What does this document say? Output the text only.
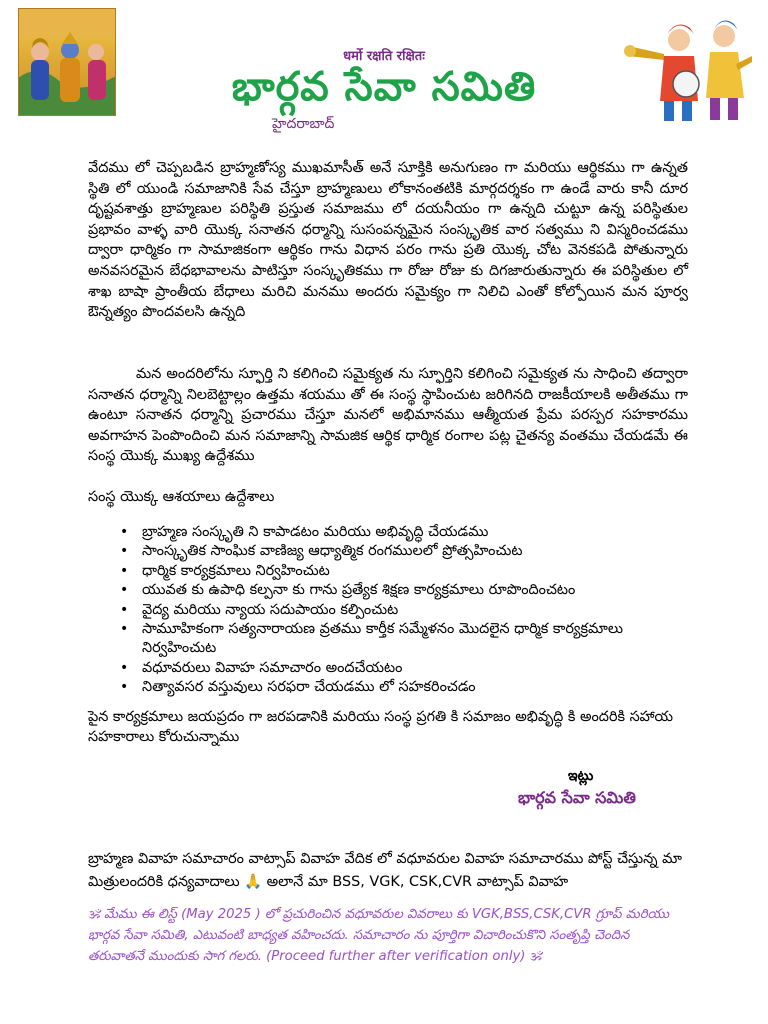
धर्मो रक्षति रक्षितः
భార్గవ సేవా సమితి
హైదరాబాద్

వేదము లో చెప్పబడిన బ్రాహ్మణోస్య ముఖమాసీత్ అనే సూక్తికి అనుగుణం గా మరియు ఆర్థికము గా ఉన్నత స్థితి లో యుండి సమాజానికి సేవ చేస్తూ బ్రాహ్మణులు లోకానంతటికి మార్గదర్శకం గా ఉండే వారు కానీ దూర దృష్టవశాత్తు బ్రాహ్మణుల పరిస్థితి ప్రస్తుత సమాజము లో దయనీయం గా ఉన్నది చుట్టూ ఉన్న పరిస్థితుల ప్రభావం వాళ్ళ వారి యొక్క సనాతన ధర్మాన్ని సుసంపన్నమైన సంస్కృతిక వార సత్వము ని విస్మరించడము ద్వారా ధార్మికం గా సామాజికంగా ఆర్థికం గాను విధాన పరం గాను ప్రతి యొక్క చోట వెనకపడి పోతున్నారు అనవసరమైన బేధభావాలను పాటిస్తూ సంస్కృతికము గా రోజు రోజు కు దిగజారుతున్నారు ఈ పరిస్థితుల లో శాఖ బాషా ప్రాంతీయ బేధాలు మరిచి మనము అందరు సమైక్యం గా నిలిచి ఎంతో కోల్పోయిన మన పూర్వ ఔన్నత్యం పొందవలసి ఉన్నది

మన అందరిలోను స్ఫూర్తి ని కలిగించి సమైక్యత ను స్ఫూర్తిని కలిగించి సమైక్యత ను సాధించి తద్వారా సనాతన ధర్మాన్ని నిలబెట్టాల్లం ఉత్తమ శయము తో ఈ సంస్థ స్థాపించుట జరిగినది రాజకీయాలకి అతీతము గా ఉంటూ సనాతన ధర్మాన్ని ప్రచారము చేస్తూ మనలో అభిమానము ఆత్మీయత ప్రేమ పరస్పర సహకారము అవగాహన పెంపొందించి మన సమాజాన్ని సామజిక ఆర్థిక ధార్మిక రంగాల పట్ల చైతన్య వంతము చేయడమే ఈ సంస్థ యొక్క ముఖ్య ఉద్దేశము

సంస్థ యొక్క ఆశయాలు ఉద్దేశాలు
• బ్రాహ్మణ సంస్కృతి ని కాపాడటం మరియు అభివృద్ధి చేయడము
• సాంస్కృతిక సాంఘిక వాణిజ్య ఆధ్యాత్మిక రంగములలో ప్రోత్సహించుట
• ధార్మిక కార్యక్రమాలు నిర్వహించుట
• యువత కు ఉపాధి కల్పనా కు గాను ప్రత్యేక శిక్షణ కార్యక్రమాలు రూపొందించటం
• వైద్య మరియు న్యాయ సదుపాయం కల్పించుట
• సామూహికంగా సత్యనారాయణ వ్రతము కార్తీక సమ్మేళనం మొదలైన ధార్మిక కార్యక్రమాలు నిర్వహించుట
• వధూవరులు వివాహ సమాచారం అందచేయటం
• నిత్యావసర వస్తువులు సరఫరా చేయడము లో సహకరించడం

పైన కార్యక్రమాలు జయప్రదం గా జరపడానికి మరియు సంస్థ ప్రగతి కి సమాజం అభివృద్ధి కి అందరికి సహాయ సహకారాలు కోరుచున్నాము

ఇట్లు
భార్గవ సేవా సమితి

బ్రాహ్మణ వివాహ సమాచారం వాట్సాప్ వివాహ వేదిక లో వధూవరుల వివాహ సమాచారము పోస్ట్ చేస్తున్న మా మిత్రులందరికి ధన్యవాదాలు 🙏 అలానే మా BSS, VGK, CSK,CVR వాట్సాప్ వివాహ

🕉 మేము ఈ లిస్ట్ (May 2025 ) లో ప్రచురించిన వధూవరుల వివరాలు కు VGK,BSS,CSK,CVR గ్రూప్ మరియు భార్గవ సేవా సమితి, ఎటువంటి బాధ్యత వహించదు. సమాచారం ను పూర్తిగా విచారించుకొని సంతృప్తి చెందిన తరువాతనే ముందుకు సాగ గలరు. (Proceed further after verification only) 🕉
